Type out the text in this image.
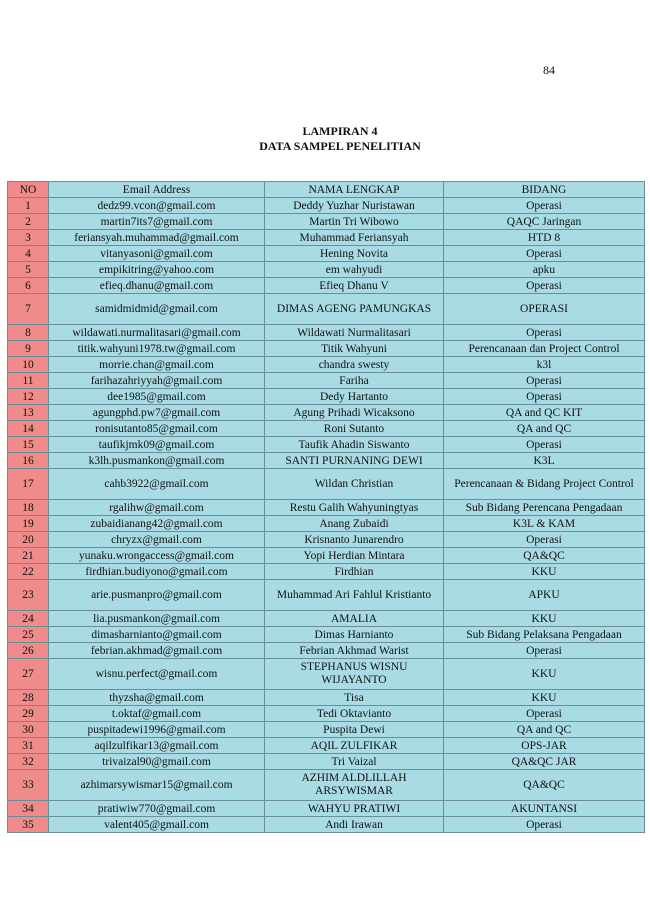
84
LAMPIRAN 4
DATA SAMPEL PENELITIAN
NO	Email Address	NAMA LENGKAP	BIDANG
1	dedz99.vcon@gmail.com	Deddy Yuzhar Nuristawan	Operasi
2	martin7its7@gmail.com	Martin Tri Wibowo	QAQC Jaringan
3	feriansyah.muhammad@gmail.com	Muhammad Feriansyah	HTD 8
4	vitanyasoni@gmail.com	Hening Novita	Operasi
5	empikitring@yahoo.com	em wahyudi	apku
6	efieq.dhanu@gmail.com	Efieq Dhanu V	Operasi
7	samidmidmid@gmail.com	DIMAS AGENG PAMUNGKAS	OPERASI
8	wildawati.nurmalitasari@gmail.com	Wildawati Nurmalitasari	Operasi
9	titik.wahyuni1978.tw@gmail.com	Titik Wahyuni	Perencanaan dan Project Control
10	morrie.chan@gmail.com	chandra swesty	k3l
11	farihazahriyyah@gmail.com	Fariha	Operasi
12	dee1985@gmail.com	Dedy Hartanto	Operasi
13	agungphd.pw7@gmail.com	Agung Prihadi Wicaksono	QA and QC KIT
14	ronisutanto85@gmail.com	Roni Sutanto	QA and QC
15	taufikjmk09@gmail.com	Taufik Ahadin Siswanto	Operasi
16	k3lh.pusmankon@gmail.com	SANTI PURNANING DEWI	K3L
17	cahb3922@gmail.com	Wildan Christian	Perencanaan & Bidang Project Control
18	rgalihw@gmail.com	Restu Galih Wahyuningtyas	Sub Bidang Perencana Pengadaan
19	zubaidianang42@gmail.com	Anang Zubaidi	K3L & KAM
20	chryzx@gmail.com	Krisnanto Junarendro	Operasi
21	yunaku.wrongaccess@gmail.com	Yopi Herdian Mintara	QA&QC
22	firdhian.budiyono@gmail.com	Firdhian	KKU
23	arie.pusmanpro@gmail.com	Muhammad Ari Fahlul Kristianto	APKU
24	lia.pusmankon@gmail.com	AMALIA	KKU
25	dimasharnianto@gmail.com	Dimas Harnianto	Sub Bidang Pelaksana Pengadaan
26	febrian.akhmad@gmail.com	Febrian Akhmad Warist	Operasi
27	wisnu.perfect@gmail.com	STEPHANUS WISNU WIJAYANTO	KKU
28	thyzsha@gmail.com	Tisa	KKU
29	t.oktaf@gmail.com	Tedi Oktavianto	Operasi
30	puspitadewi1996@gmail.com	Puspita Dewi	QA and QC
31	aqilzulfikar13@gmail.com	AQIL ZULFIKAR	OPS-JAR
32	trivaizal90@gmail.com	Tri Vaizal	QA&QC JAR
33	azhimarsywismar15@gmail.com	AZHIM ALDLILLAH ARSYWISMAR	QA&QC
34	pratiwiw770@gmail.com	WAHYU PRATIWI	AKUNTANSI
35	valent405@gmail.com	Andi Irawan	Operasi
